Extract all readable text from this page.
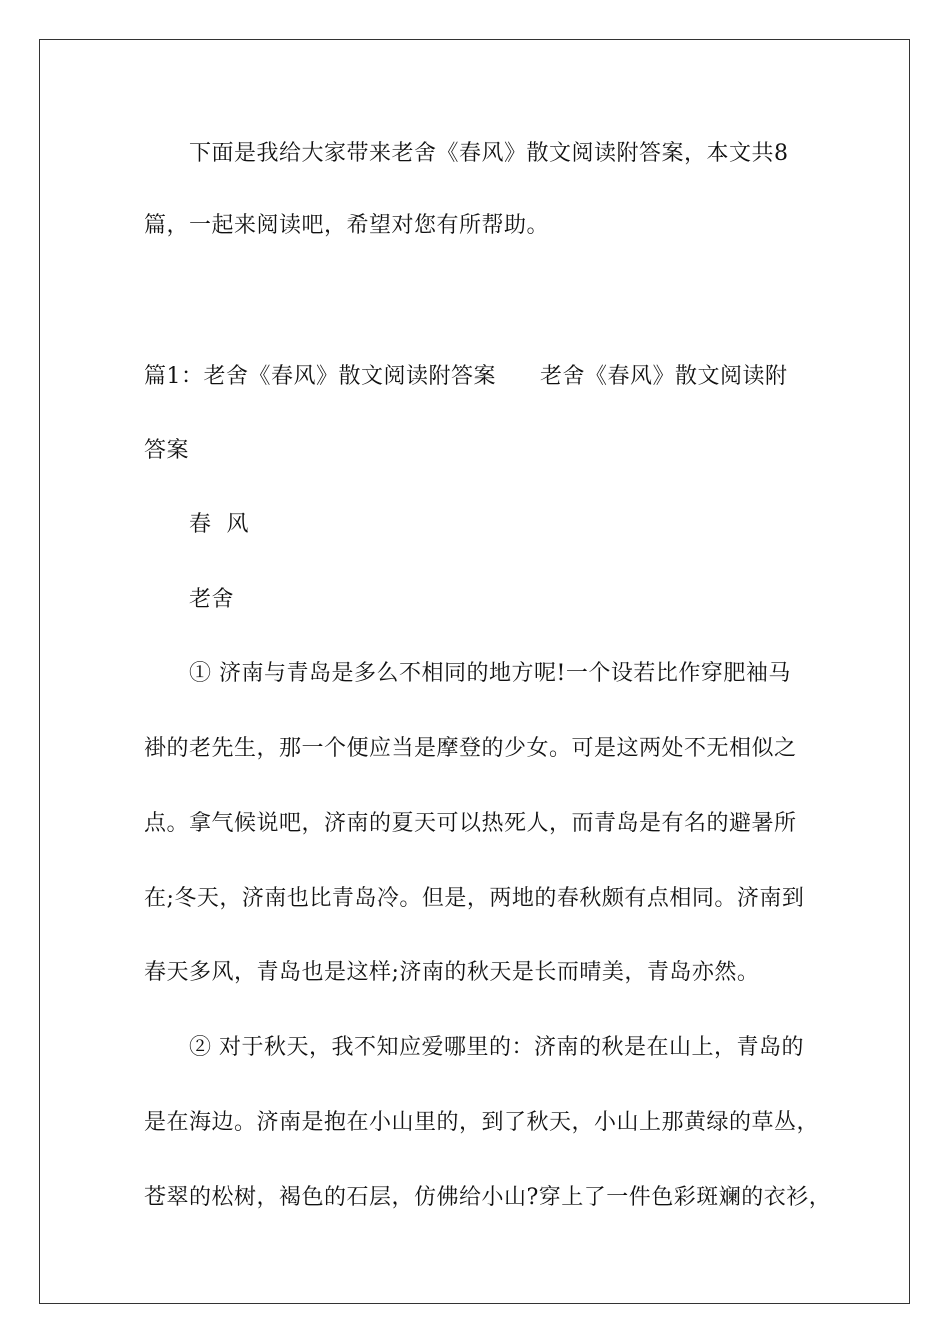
下面是我给大家带来老舍《春风》散文阅读附答案，本文共8
篇，一起来阅读吧，希望对您有所帮助。
篇1：老舍《春风》散文阅读附答案 老舍《春风》散文阅读附
答案
春  风
老舍
① 济南与青岛是多么不相同的地方呢!一个设若比作穿肥袖马
褂的老先生，那一个便应当是摩登的少女。可是这两处不无相似之
点。拿气候说吧，济南的夏天可以热死人，而青岛是有名的避暑所
在;冬天，济南也比青岛冷。但是，两地的春秋颇有点相同。济南到
春天多风，青岛也是这样;济南的秋天是长而晴美，青岛亦然。
② 对于秋天，我不知应爱哪里的：济南的秋是在山上，青岛的
是在海边。济南是抱在小山里的，到了秋天，小山上那黄绿的草丛，
苍翠的松树，褐色的石层，仿佛给小山?穿上了一件色彩斑斓的衣衫，
